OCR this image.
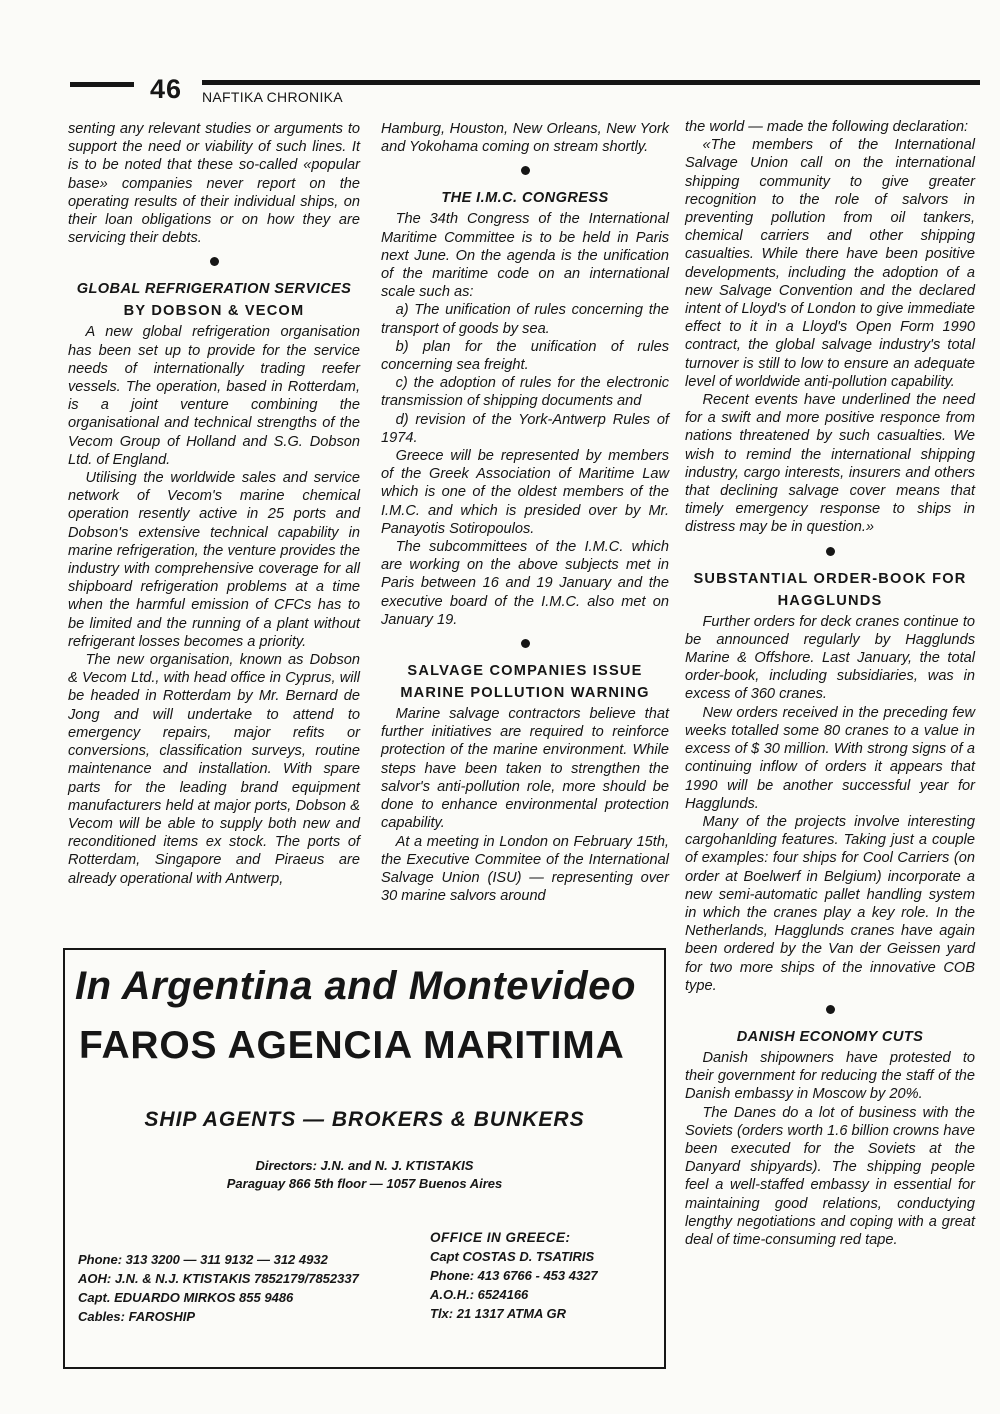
46 NAFTIKA CHRONIKA

senting any relevant studies or arguments to support the need or viability of such lines. It is to be noted that these so-called «popular base» companies never report on the operating results of their individual ships, on their loan obligations or on how they are servicing their debts.

GLOBAL REFRIGERATION SERVICES
BY DOBSON & VECOM

A new global refrigeration organisation has been set up to provide for the service needs of internationally trading reefer vessels. The operation, based in Rotterdam, is a joint venture combining the organisational and technical strengths of the Vecom Group of Holland and S.G. Dobson Ltd. of England.

Utilising the worldwide sales and service network of Vecom's marine chemical operation resently active in 25 ports and Dobson's extensive technical capability in marine refrigeration, the venture provides the industry with comprehensive coverage for all shipboard refrigeration problems at a time when the harmful emission of CFCs has to be limited and the running of a plant without refrigerant losses becomes a priority.

The new organisation, known as Dobson & Vecom Ltd., with head office in Cyprus, will be headed in Rotterdam by Mr. Bernard de Jong and will undertake to attend to emergency repairs, major refits or conversions, classification surveys, routine maintenance and installation. With spare parts for the leading brand equipment manufacturers held at major ports, Dobson & Vecom will be able to supply both new and reconditioned items ex stock. The ports of Rotterdam, Singapore and Piraeus are already operational with Antwerp,

Hamburg, Houston, New Orleans, New York and Yokohama coming on stream shortly.

THE I.M.C. CONGRESS

The 34th Congress of the International Maritime Committee is to be held in Paris next June. On the agenda is the unification of the maritime code on an international scale such as:

a) The unification of rules concerning the transport of goods by sea.

b) plan for the unification of rules concerning sea freight.

c) the adoption of rules for the electronic transmission of shipping documents and

d) revision of the York-Antwerp Rules of 1974.

Greece will be represented by members of the Greek Association of Maritime Law which is one of the oldest members of the I.M.C. and which is presided over by Mr. Panayotis Sotiropoulos.

The subcommittees of the I.M.C. which are working on the above subjects met in Paris between 16 and 19 January and the executive board of the I.M.C. also met on January 19.

SALVAGE COMPANIES ISSUE
MARINE POLLUTION WARNING

Marine salvage contractors believe that further initiatives are required to reinforce protection of the marine environment. While steps have been taken to strengthen the salvor's anti-pollution role, more should be done to enhance environmental protection capability.

At a meeting in London on February 15th, the Executive Commitee of the International Salvage Union (ISU) — representing over 30 marine salvors around

the world — made the following declaration:

«The members of the International Salvage Union call on the international shipping community to give greater recognition to the role of salvors in preventing pollution from oil tankers, chemical carriers and other shipping casualties. While there have been positive developments, including the adoption of a new Salvage Convention and the declared intent of Lloyd's of London to give immediate effect to it in a Lloyd's Open Form 1990 contract, the global salvage industry's total turnover is still to low to ensure an adequate level of worldwide anti-pollution capability.

Recent events have underlined the need for a swift and more positive responce from nations threatened by such casualties. We wish to remind the international shipping industry, cargo interests, insurers and others that declining salvage cover means that timely emergency response to ships in distress may be in question.»

SUBSTANTIAL ORDER-BOOK FOR
HAGGLUNDS

Further orders for deck cranes continue to be announced regularly by Hagglunds Marine & Offshore. Last January, the total order-book, including subsidiaries, was in excess of 360 cranes.

New orders received in the preceding few weeks totalled some 80 cranes to a value in excess of $ 30 million. With strong signs of a continuing inflow of orders it appears that 1990 will be another successful year for Hagglunds.

Many of the projects involve interesting cargohanlding features. Taking just a couple of examples: four ships for Cool Carriers (on order at Boelwerf in Belgium) incorporate a new semi-automatic pallet handling system in which the cranes play a key role. In the Netherlands, Hagglunds cranes have again been ordered by the Van der Geissen yard for two more ships of the innovative COB type.

DANISH ECONOMY CUTS

Danish shipowners have protested to their government for reducing the staff of the Danish embassy in Moscow by 20%.

The Danes do a lot of business with the Soviets (orders worth 1.6 billion crowns have been executed for the Soviets at the Danyard shipyards). The shipping people feel a well-staffed embassy in essential for maintaining good relations, conductying lengthy negotiations and coping with a great deal of time-consuming red tape.

In Argentina and Montevideo
FAROS AGENCIA MARITIMA
SHIP AGENTS — BROKERS & BUNKERS
Directors: J.N. and N. J. KTISTAKIS
Paraguay 866 5th floor — 1057 Buenos Aires
Phone: 313 3200 — 311 9132 — 312 4932
AOH: J.N. & N.J. KTISTAKIS 7852179/7852337
Capt. EDUARDO MIRKOS 855 9486
Cables: FAROSHIP
OFFICE IN GREECE:
Capt COSTAS D. TSATIRIS
Phone: 413 6766 - 453 4327
A.O.H.: 6524166
Tlx: 21 1317 ATMA GR
